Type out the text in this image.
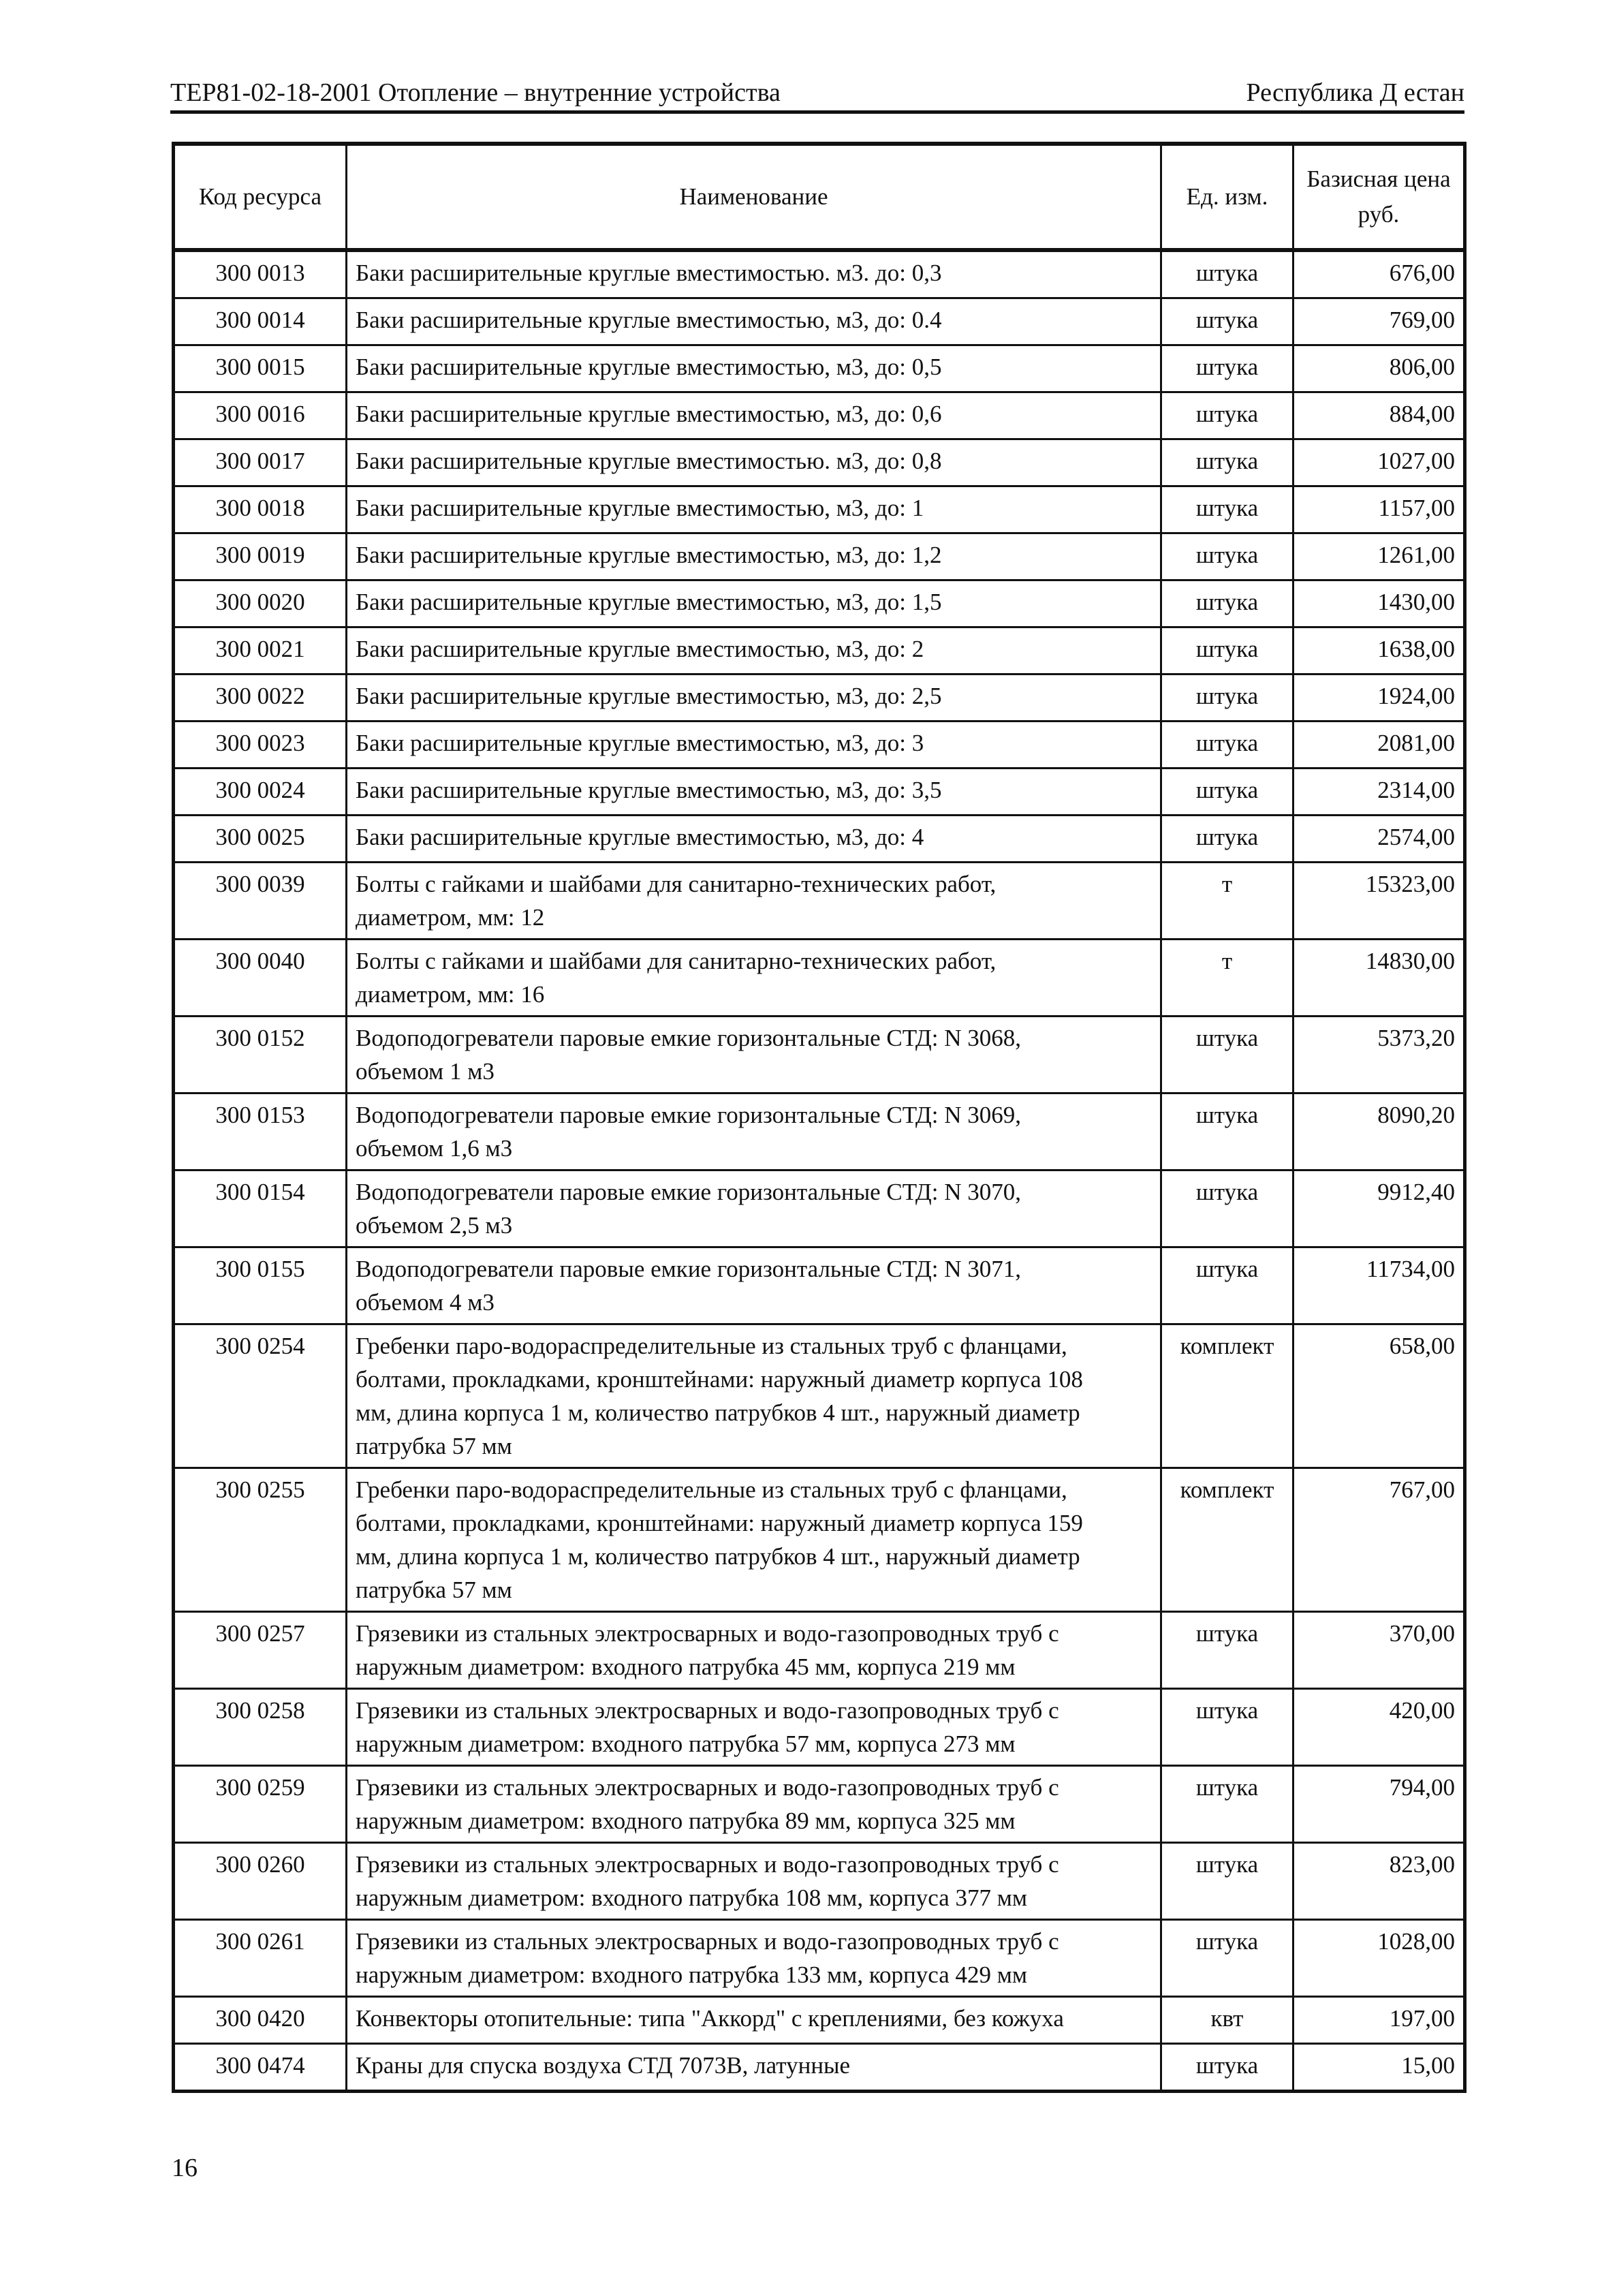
ТЕР81-02-18-2001 Отопление – внутренние устройства	Республика Д естан
Код ресурса	Наименование	Ед. изм.	Базисная цена руб.
300 0013	Баки расширительные круглые вместимостью. м3. до: 0,3	штука	676,00
300 0014	Баки расширительные круглые вместимостью, м3, до: 0.4	штука	769,00
300 0015	Баки расширительные круглые вместимостью, м3, до: 0,5	штука	806,00
300 0016	Баки расширительные круглые вместимостью, м3, до: 0,6	штука	884,00
300 0017	Баки расширительные круглые вместимостью. м3, до: 0,8	штука	1027,00
300 0018	Баки расширительные круглые вместимостью, м3, до: 1	штука	1157,00
300 0019	Баки расширительные круглые вместимостью, м3, до: 1,2	штука	1261,00
300 0020	Баки расширительные круглые вместимостью, м3, до: 1,5	штука	1430,00
300 0021	Баки расширительные круглые вместимостью, м3, до: 2	штука	1638,00
300 0022	Баки расширительные круглые вместимостью, м3, до: 2,5	штука	1924,00
300 0023	Баки расширительные круглые вместимостью, м3, до: 3	штука	2081,00
300 0024	Баки расширительные круглые вместимостью, м3, до: 3,5	штука	2314,00
300 0025	Баки расширительные круглые вместимостью, м3, до: 4	штука	2574,00
300 0039	Болты с гайками и шайбами для санитарно-технических работ,
диаметром, мм: 12	т	15323,00
300 0040	Болты с гайками и шайбами для санитарно-технических работ,
диаметром, мм: 16	т	14830,00
300 0152	Водоподогреватели паровые емкие горизонтальные СТД: N 3068,
объемом 1 м3	штука	5373,20
300 0153	Водоподогреватели паровые емкие горизонтальные СТД: N 3069,
объемом 1,6 м3	штука	8090,20
300 0154	Водоподогреватели паровые емкие горизонтальные СТД: N 3070,
объемом 2,5 м3	штука	9912,40
300 0155	Водоподогреватели паровые емкие горизонтальные СТД: N 3071,
объемом 4 м3	штука	11734,00
300 0254	Гребенки паро-водораспределительные из стальных труб с фланцами,
болтами, прокладками, кронштейнами: наружный диаметр корпуса 108
мм, длина корпуса 1 м, количество патрубков 4 шт., наружный диаметр
патрубка 57 мм	комплект	658,00
300 0255	Гребенки паро-водораспределительные из стальных труб с фланцами,
болтами, прокладками, кронштейнами: наружный диаметр корпуса 159
мм, длина корпуса 1 м, количество патрубков 4 шт., наружный диаметр
патрубка 57 мм	комплект	767,00
300 0257	Грязевики из стальных электросварных и водо-газопроводных труб с
наружным диаметром: входного патрубка 45 мм, корпуса 219 мм	штука	370,00
300 0258	Грязевики из стальных электросварных и водо-газопроводных труб с
наружным диаметром: входного патрубка 57 мм, корпуса 273 мм	штука	420,00
300 0259	Грязевики из стальных электросварных и водо-газопроводных труб с
наружным диаметром: входного патрубка 89 мм, корпуса 325 мм	штука	794,00
300 0260	Грязевики из стальных электросварных и водо-газопроводных труб с
наружным диаметром: входного патрубка 108 мм, корпуса 377 мм	штука	823,00
300 0261	Грязевики из стальных электросварных и водо-газопроводных труб с
наружным диаметром: входного патрубка 133 мм, корпуса 429 мм	штука	1028,00
300 0420	Конвекторы отопительные: типа "Аккорд" с креплениями, без кожуха	квт	197,00
300 0474	Краны для спуска воздуха СТД 7073В, латунные	штука	15,00
16
